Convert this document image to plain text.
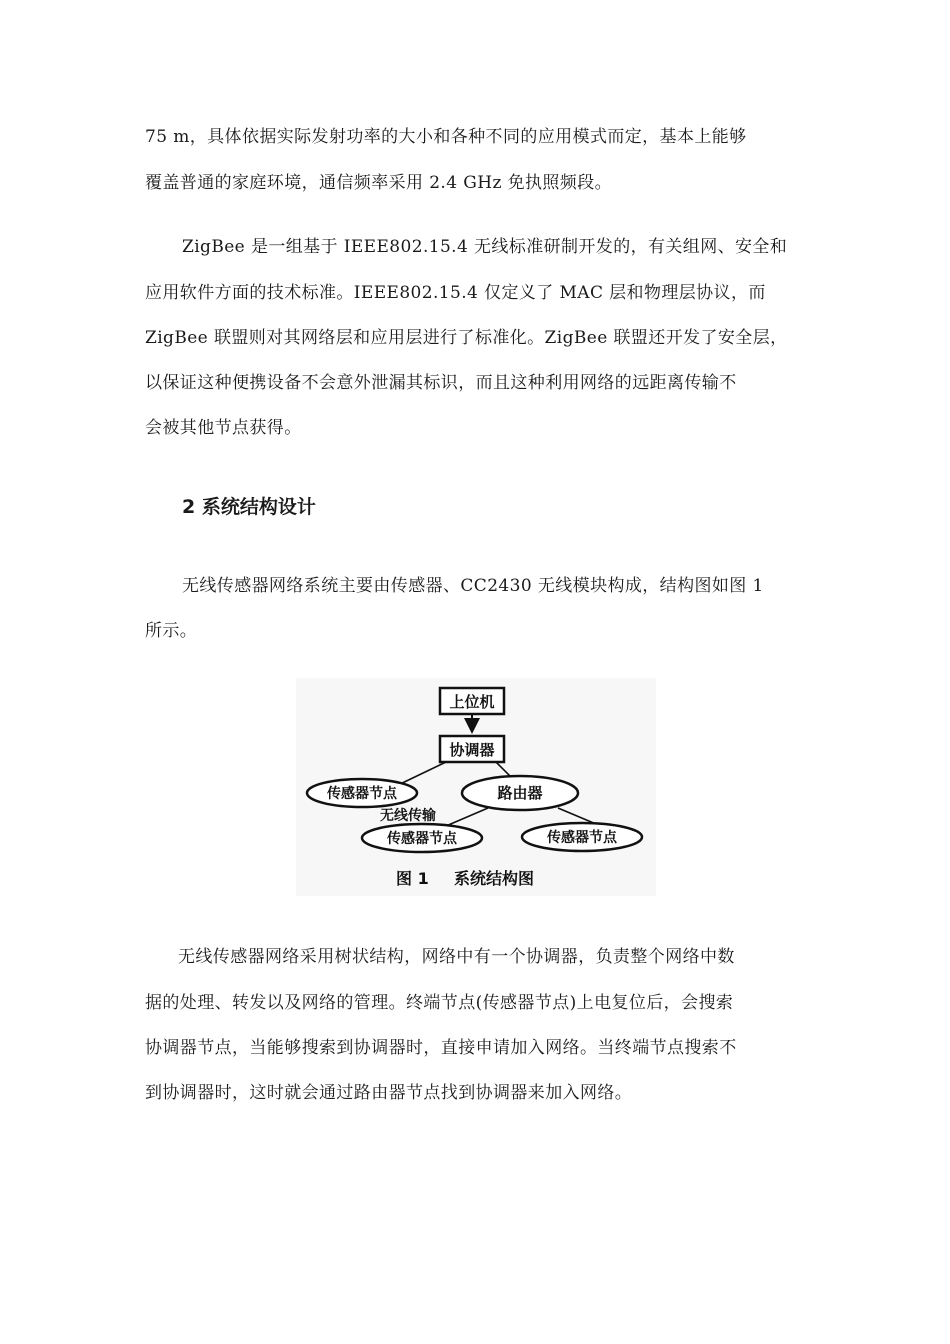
75 m，具体依据实际发射功率的大小和各种不同的应用模式而定，基本上能够
覆盖普通的家庭环境，通信频率采用 2.4 GHz 免执照频段。
ZigBee 是一组基于 IEEE802.15.4 无线标准研制开发的，有关组网、安全和
应用软件方面的技术标准。IEEE802.15.4 仅定义了 MAC 层和物理层协议，而
ZigBee 联盟则对其网络层和应用层进行了标准化。ZigBee 联盟还开发了安全层，
以保证这种便携设备不会意外泄漏其标识，而且这种利用网络的远距离传输不
会被其他节点获得。
2 系统结构设计
无线传感器网络系统主要由传感器、CC2430 无线模块构成，结构图如图 1
所示。
上位机
协调器
传感器节点	路由器
无线传输
传感器节点	传感器节点
图 1 系统结构图
无线传感器网络采用树状结构，网络中有一个协调器，负责整个网络中数
据的处理、转发以及网络的管理。终端节点(传感器节点)上电复位后，会搜索
协调器节点，当能够搜索到协调器时，直接申请加入网络。当终端节点搜索不
到协调器时，这时就会通过路由器节点找到协调器来加入网络。
